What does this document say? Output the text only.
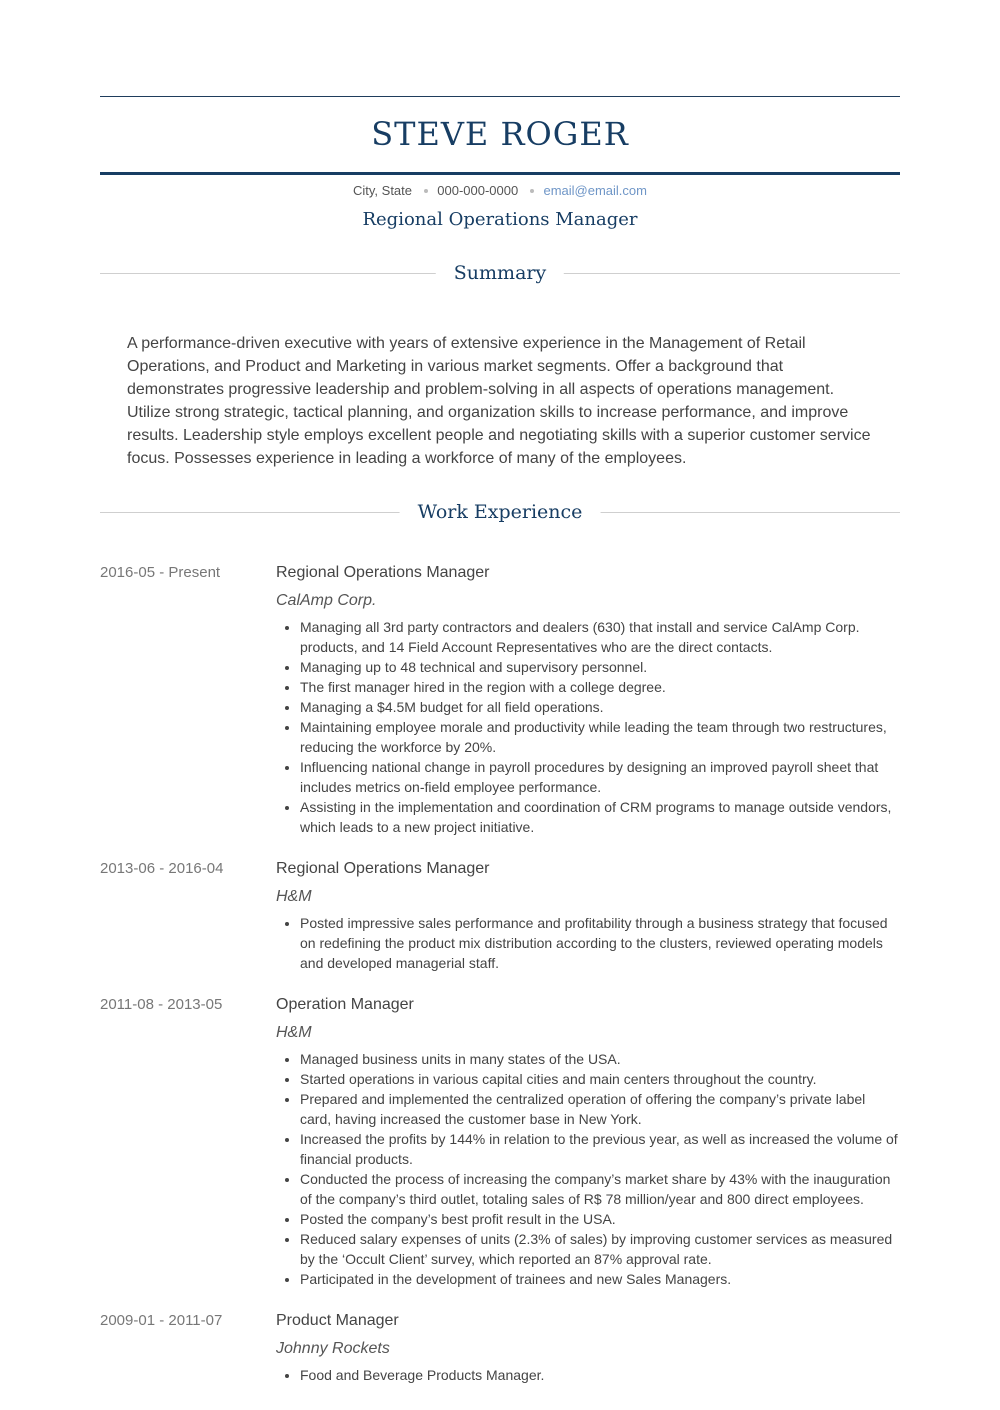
STEVE ROGER
City, State 000-000-0000 email@email.com
Regional Operations Manager
Summary
A performance-driven executive with years of extensive experience in the Management of Retail Operations, and Product and Marketing in various market segments. Offer a background that demonstrates progressive leadership and problem-solving in all aspects of operations management. Utilize strong strategic, tactical planning, and organization skills to increase performance, and improve results. Leadership style employs excellent people and negotiating skills with a superior customer service focus. Possesses experience in leading a workforce of many of the employees.
Work Experience
2016-05 - Present	Regional Operations Manager
CalAmp Corp.
• Managing all 3rd party contractors and dealers (630) that install and service CalAmp Corp. products, and 14 Field Account Representatives who are the direct contacts.
• Managing up to 48 technical and supervisory personnel.
• The first manager hired in the region with a college degree.
• Managing a $4.5M budget for all field operations.
• Maintaining employee morale and productivity while leading the team through two restructures, reducing the workforce by 20%.
• Influencing national change in payroll procedures by designing an improved payroll sheet that includes metrics on-field employee performance.
• Assisting in the implementation and coordination of CRM programs to manage outside vendors, which leads to a new project initiative.
2013-06 - 2016-04	Regional Operations Manager
H&M
• Posted impressive sales performance and profitability through a business strategy that focused on redefining the product mix distribution according to the clusters, reviewed operating models and developed managerial staff.
2011-08 - 2013-05	Operation Manager
H&M
• Managed business units in many states of the USA.
• Started operations in various capital cities and main centers throughout the country.
• Prepared and implemented the centralized operation of offering the company’s private label card, having increased the customer base in New York.
• Increased the profits by 144% in relation to the previous year, as well as increased the volume of financial products.
• Conducted the process of increasing the company’s market share by 43% with the inauguration of the company’s third outlet, totaling sales of R$ 78 million/year and 800 direct employees.
• Posted the company’s best profit result in the USA.
• Reduced salary expenses of units (2.3% of sales) by improving customer services as measured by the ‘Occult Client’ survey, which reported an 87% approval rate.
• Participated in the development of trainees and new Sales Managers.
2009-01 - 2011-07	Product Manager
Johnny Rockets
• Food and Beverage Products Manager.
